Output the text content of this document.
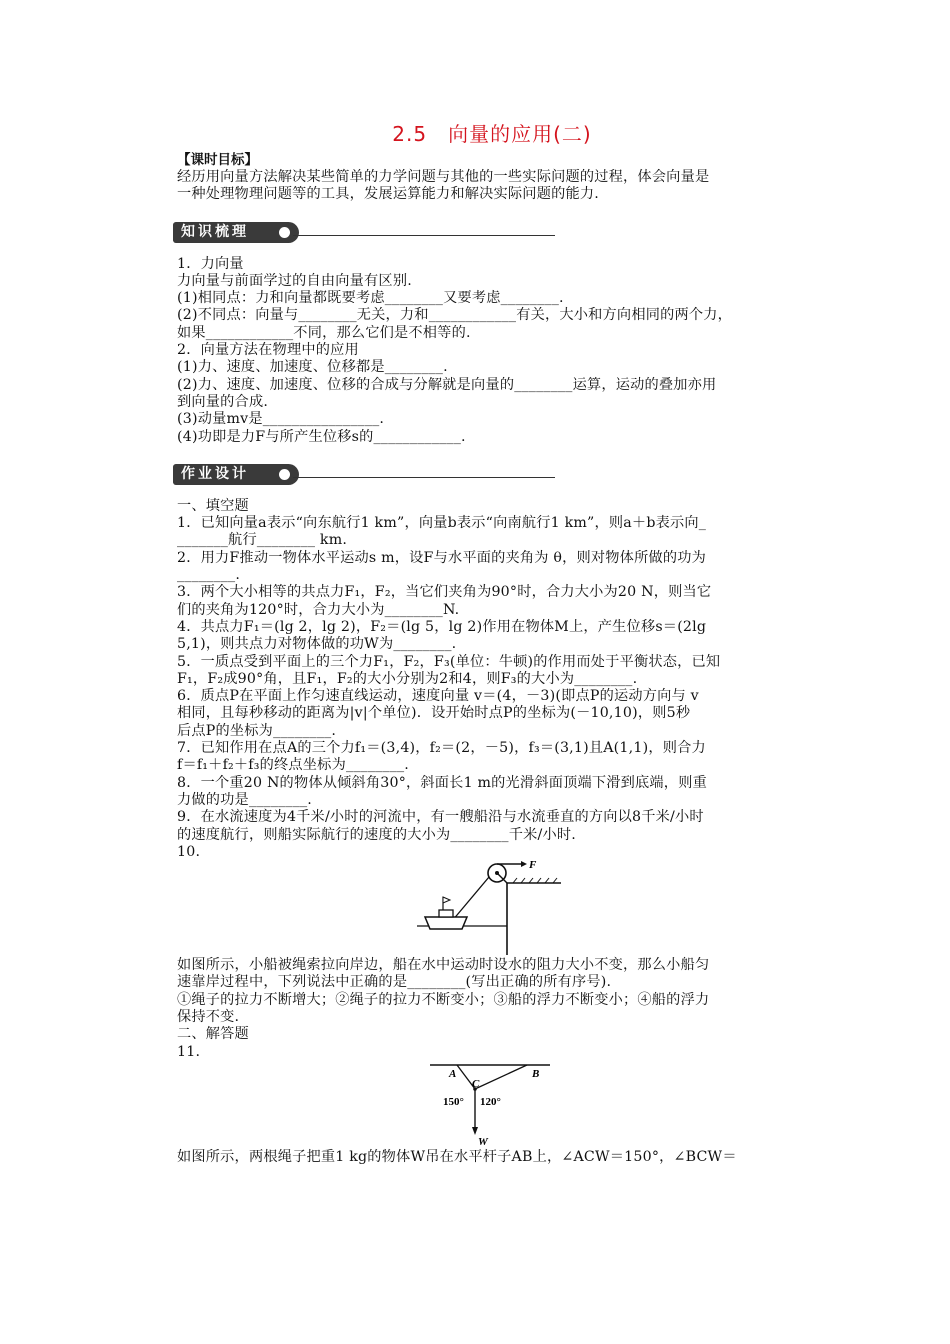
2.5　向量的应用(二)
【课时目标】
经历用向量方法解决某些简单的力学问题与其他的一些实际问题的过程，体会向量是
一种处理物理问题等的工具，发展运算能力和解决实际问题的能力.
知识梳理
1．力向量
力向量与前面学过的自由向量有区别.
(1)相同点：力和向量都既要考虑________又要考虑________.
(2)不同点：向量与________无关，力和____________有关，大小和方向相同的两个力，
如果____________不同，那么它们是不相等的.
2．向量方法在物理中的应用
(1)力、速度、加速度、位移都是________.
(2)力、速度、加速度、位移的合成与分解就是向量的________运算，运动的叠加亦用
到向量的合成.
(3)动量mv是________________.
(4)功即是力F与所产生位移s的____________.
作业设计
一、填空题
1．已知向量a表示“向东航行1 km”，向量b表示“向南航行1 km”，则a＋b表示向_
_______航行________ km.
2．用力F推动一物体水平运动s m，设F与水平面的夹角为 θ，则对物体所做的功为
________.
3．两个大小相等的共点力F₁，F₂，当它们夹角为90°时，合力大小为20 N，则当它
们的夹角为120°时，合力大小为________N.
4．共点力F₁＝(lg 2，lg 2)，F₂＝(lg 5，lg 2)作用在物体M上，产生位移s＝(2lg
5,1)，则共点力对物体做的功W为________.
5．一质点受到平面上的三个力F₁，F₂，F₃(单位：牛顿)的作用而处于平衡状态，已知
F₁，F₂成90°角，且F₁，F₂的大小分别为2和4，则F₃的大小为________.
6．质点P在平面上作匀速直线运动，速度向量 v＝(4，－3)(即点P的运动方向与 v
相同，且每秒移动的距离为|v|个单位)．设开始时点P的坐标为(－10,10)，则5秒
后点P的坐标为________.
7．已知作用在点A的三个力f₁＝(3,4)，f₂＝(2，－5)，f₃＝(3,1)且A(1,1)，则合力
f＝f₁＋f₂＋f₃的终点坐标为________.
8．一个重20 N的物体从倾斜角30°，斜面长1 m的光滑斜面顶端下滑到底端，则重
力做的功是________.
9．在水流速度为4千米/小时的河流中，有一艘船沿与水流垂直的方向以8千米/小时
的速度航行，则船实际航行的速度的大小为________千米/小时.
10.
F
如图所示，小船被绳索拉向岸边，船在水中运动时设水的阻力大小不变，那么小船匀
速靠岸过程中，下列说法中正确的是________(写出正确的所有序号).
①绳子的拉力不断增大；②绳子的拉力不断变小；③船的浮力不断变小；④船的浮力
保持不变.
二、解答题
11.
A	B
C
150° 120°
W
如图所示，两根绳子把重1 kg的物体W吊在水平杆子AB上，∠ACW＝150°，∠BCW＝
